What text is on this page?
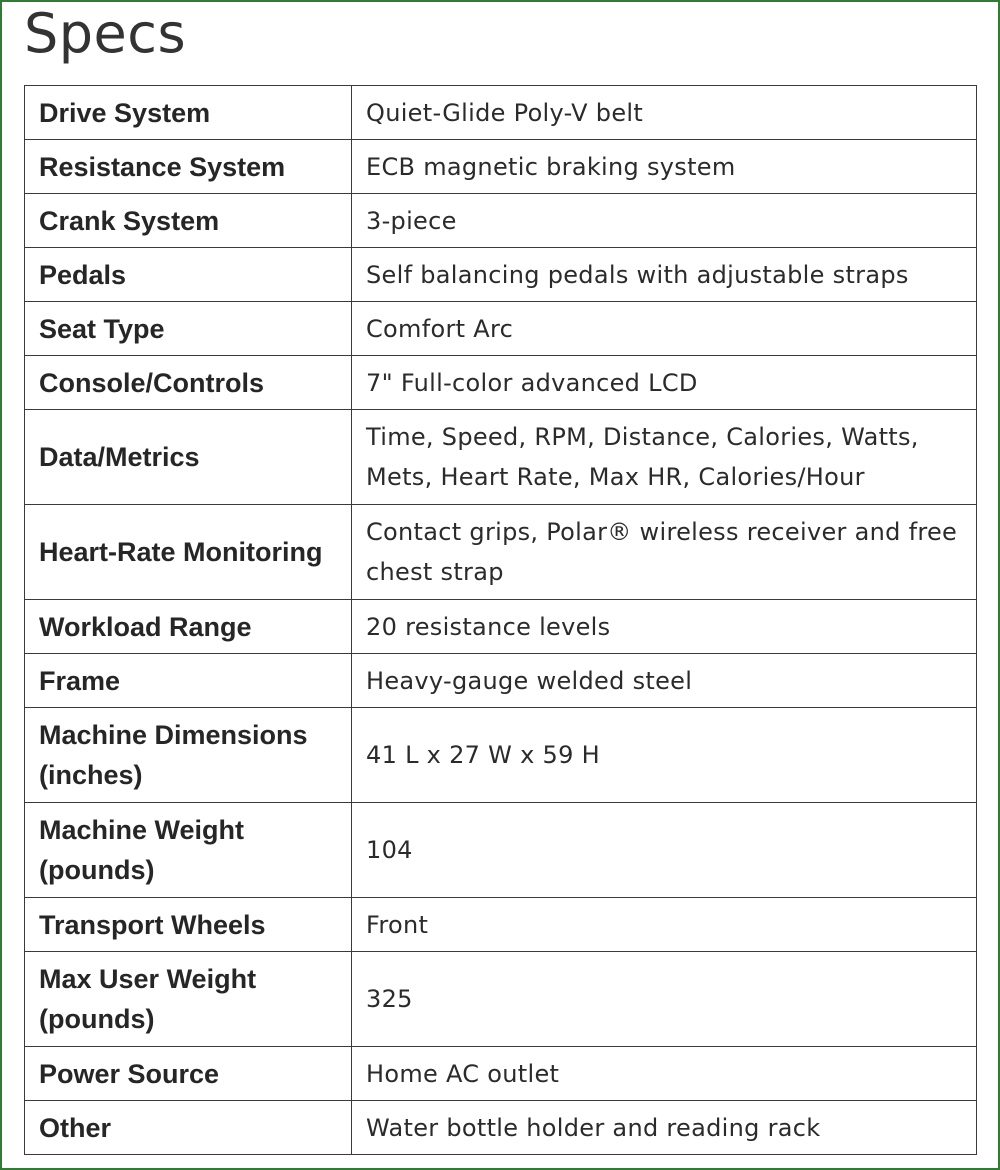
Specs
Drive System	Quiet-Glide Poly-V belt
Resistance System	ECB magnetic braking system
Crank System	3-piece
Pedals	Self balancing pedals with adjustable straps
Seat Type	Comfort Arc
Console/Controls	7" Full-color advanced LCD
Data/Metrics	Time, Speed, RPM, Distance, Calories, Watts, Mets, Heart Rate, Max HR, Calories/Hour
Heart-Rate Monitoring	Contact grips, Polar® wireless receiver and free chest strap
Workload Range	20 resistance levels
Frame	Heavy-gauge welded steel
Machine Dimensions (inches)	41 L x 27 W x 59 H
Machine Weight (pounds)	104
Transport Wheels	Front
Max User Weight (pounds)	325
Power Source	Home AC outlet
Other	Water bottle holder and reading rack
